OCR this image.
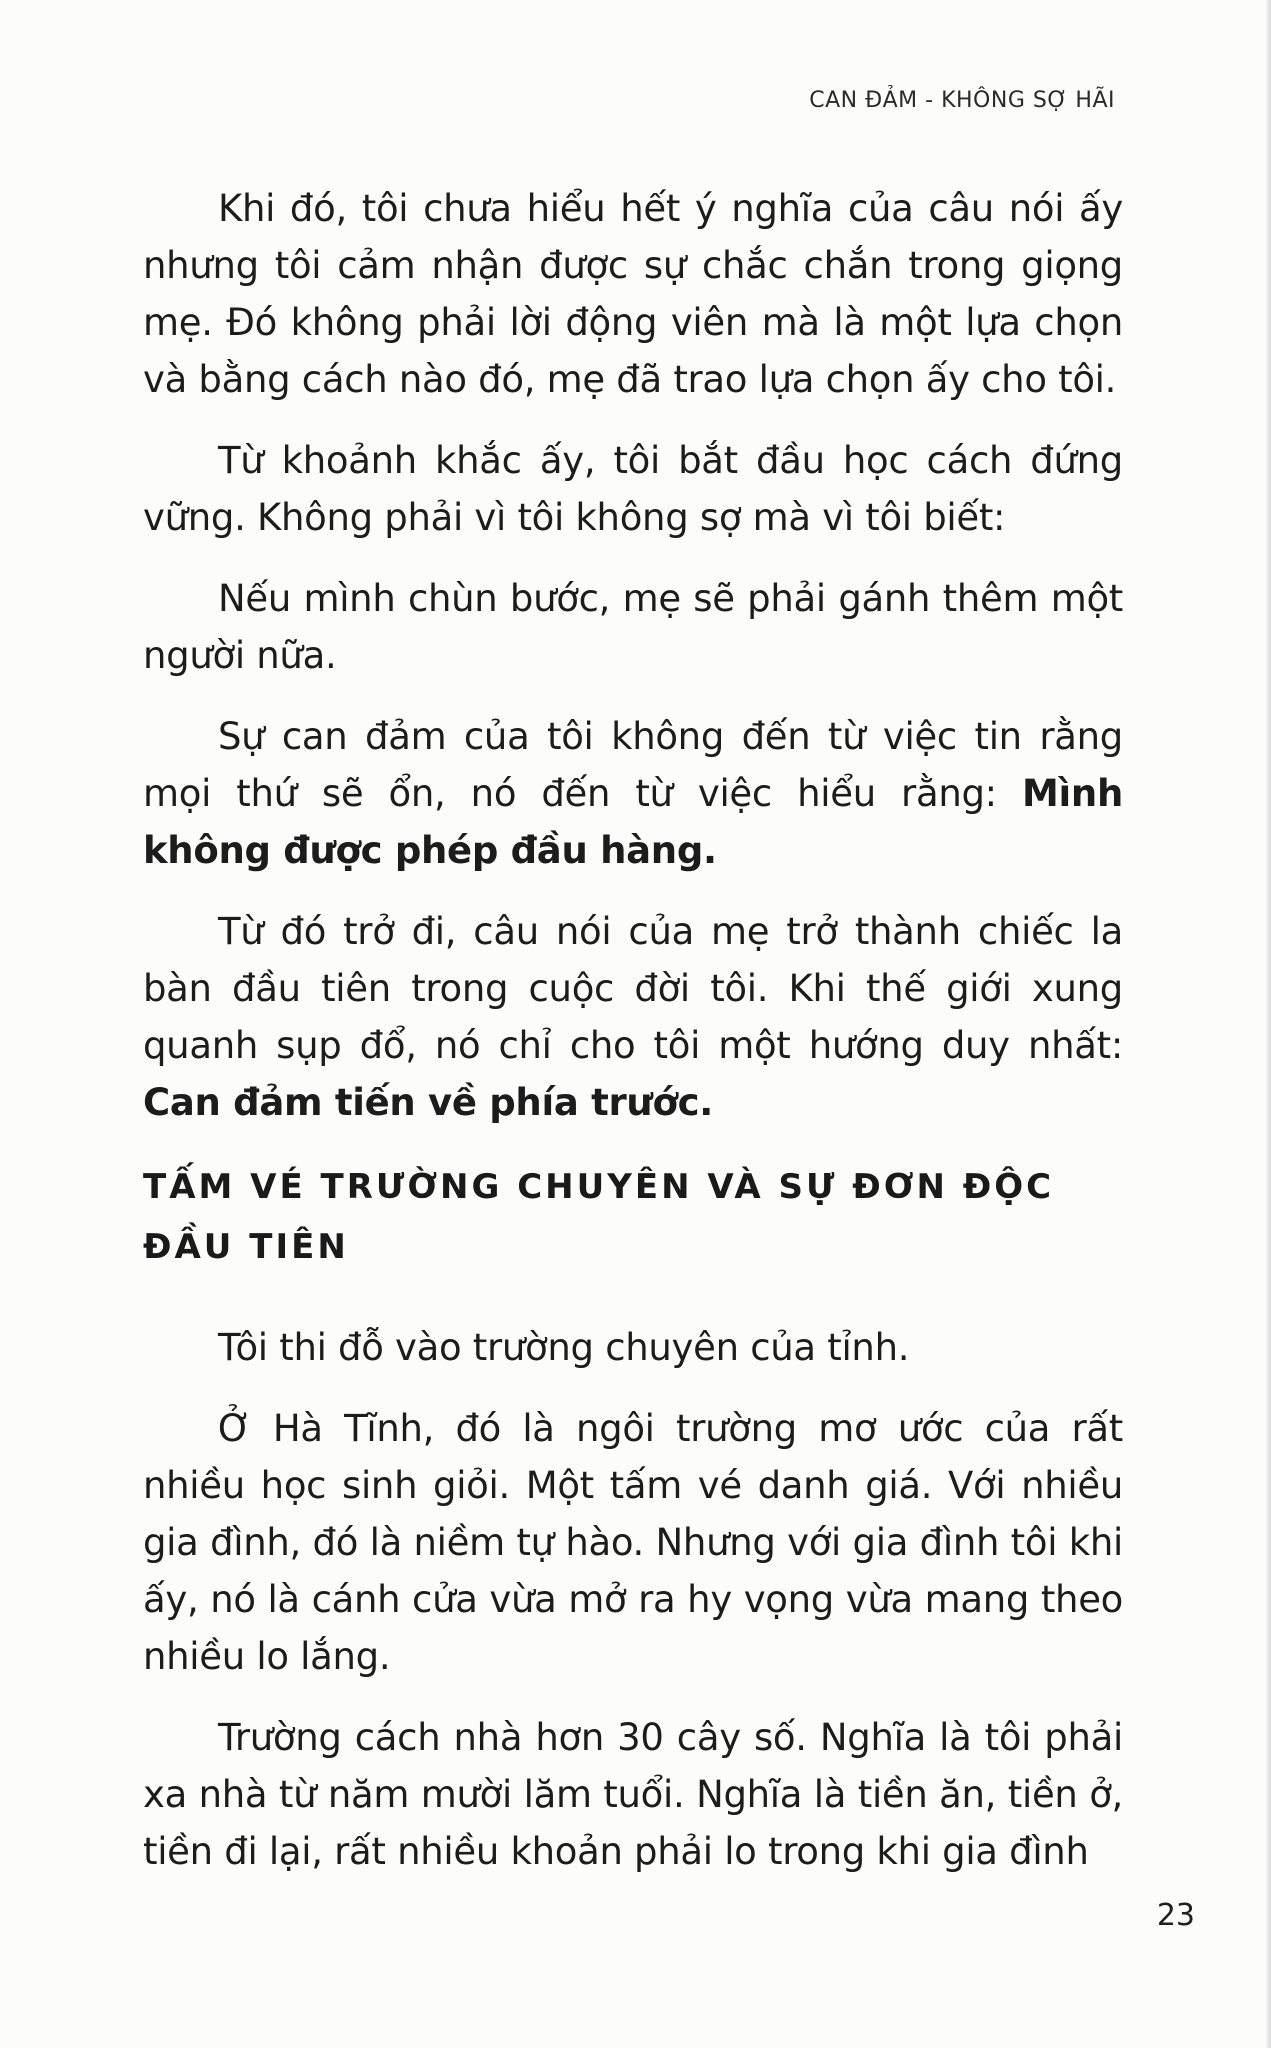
CAN ĐẢM - KHÔNG SỢ HÃI

Khi đó, tôi chưa hiểu hết ý nghĩa của câu nói ấy nhưng tôi cảm nhận được sự chắc chắn trong giọng mẹ. Đó không phải lời động viên mà là một lựa chọn và bằng cách nào đó, mẹ đã trao lựa chọn ấy cho tôi.

Từ khoảnh khắc ấy, tôi bắt đầu học cách đứng vững. Không phải vì tôi không sợ mà vì tôi biết:

Nếu mình chùn bước, mẹ sẽ phải gánh thêm một người nữa.

Sự can đảm của tôi không đến từ việc tin rằng mọi thứ sẽ ổn, nó đến từ việc hiểu rằng: Mình không được phép đầu hàng.

Từ đó trở đi, câu nói của mẹ trở thành chiếc la bàn đầu tiên trong cuộc đời tôi. Khi thế giới xung quanh sụp đổ, nó chỉ cho tôi một hướng duy nhất: Can đảm tiến về phía trước.

TẤM VÉ TRƯỜNG CHUYÊN VÀ SỰ ĐƠN ĐỘC ĐẦU TIÊN

Tôi thi đỗ vào trường chuyên của tỉnh.

Ở Hà Tĩnh, đó là ngôi trường mơ ước của rất nhiều học sinh giỏi. Một tấm vé danh giá. Với nhiều gia đình, đó là niềm tự hào. Nhưng với gia đình tôi khi ấy, nó là cánh cửa vừa mở ra hy vọng vừa mang theo nhiều lo lắng.

Trường cách nhà hơn 30 cây số. Nghĩa là tôi phải xa nhà từ năm mười lăm tuổi. Nghĩa là tiền ăn, tiền ở, tiền đi lại, rất nhiều khoản phải lo trong khi gia đình

23
